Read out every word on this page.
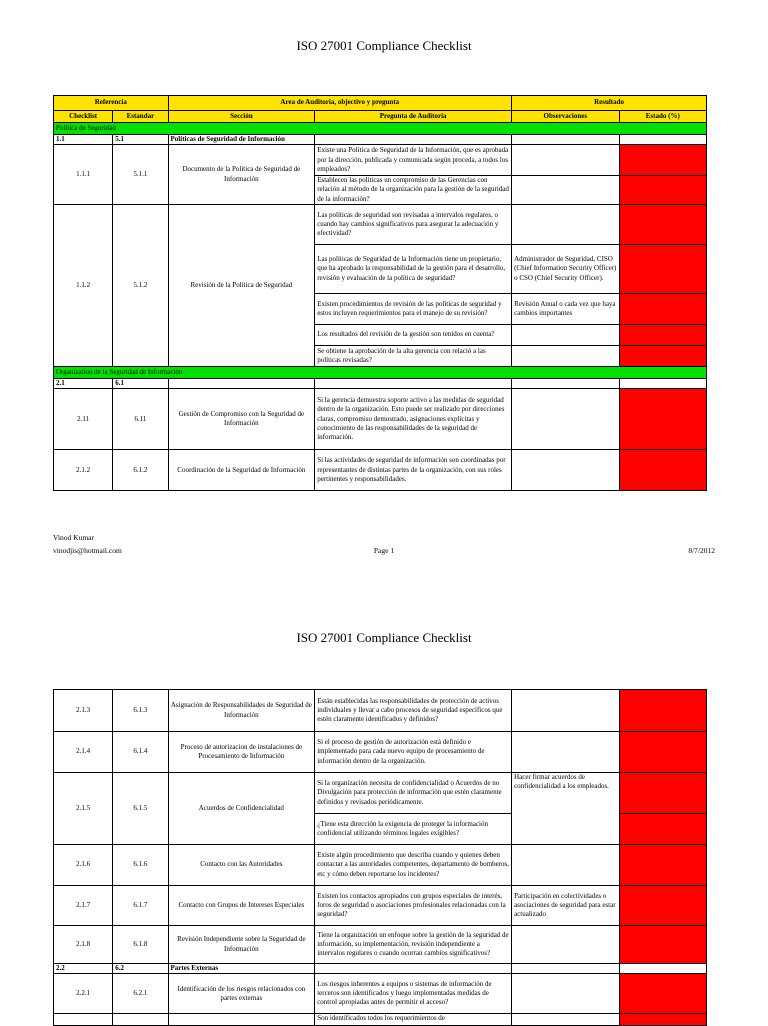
ISO 27001 Compliance Checklist
Referencia		Area de Auditoria, objectivo y pregunta		Resultado	
Checklist	Estandar	Sección	Pregunta de Auditoria	Observaciones	Estado (%)
Politica de Seguridad					
1.1	5.1	Politicas de Seguridad de Información			
1.1.1	5.1.1	Documento de la Política de Seguridad de Información	Existe una Política de Seguridad de la Información, que es aprobada por la dirección, publicada y comunicada según proceda, a todos los empleados?		
			Establecen las políticas un compromiso de las Gerencias con relación al método de la organización para la gestión de la seguridad de la información?		
1.1.2	5.1.2	Revisión de la Política de Seguridad	Las políticas de seguridad son revisadas a intervalos regulares, o cuando hay cambios significativos para asegurar la adecuación y efectividad?		
			Las políticas de Seguridad de la Información tiene un propietario, que ha aprobado la responsabilidad de la gestión para el desarrollo, revisión y evaluación de la política de seguridad?	Administrador de Seguridad, CISO (Chief Information Security Officer) o CSO (Chief Security Officer).	
			Existen procedimientos de revisión de las políticas de seguridad y estos incluyen requerimientos para el manejo de su revisión?	Revisión Anual o cada vez que haya cambios importantes	
			Los resultados del revisión de la gestión son tenidos en cuenta?		
			Se obtiene la aprobación de la alta gerencia con relació a las políticas revisadas?		
Organization de la Seguridad de Información					
2.1	6.1				
2.11	6.11	Gestión de Compromiso con la Seguridad de Información	Si la gerencia demuestra soporte activo a las medidas de seguridad dentro de la organización. Esto puede ser realizado por direcciones claras, compromiso demostrado, asignaciones explícitas y conocimiento de las responsabilidades de la seguridad de información.		
2.1.2	6.1.2	Coordinación de la Seguridad de Información	Si las actividades de seguridad de información son coordinadas por representantes de distintas partes de la organización, con sus roles pertinentes y responsabilidades.		
Vinod Kumar
vinodjis@hotmail.com	Page 1	8/7/2012
ISO 27001 Compliance Checklist
2.1.3	6.1.3	Asignación de Responsabilidades de Seguridad de Información	Están establecidas las responsabilidades de protección de activos individuales y llevar a cabo procesos de seguridad específicos que estén claramente identificados y definidos?		
2.1.4	6.1.4	Proceso de autorizacion de instalaciones de Procesamiento de Información	Si el proceso de gestión de autorización está definido e implementado para cada nuevo equipo de procesamiento de información dentro de la organización.		
2.1.5	6.1.5	Acuerdos de Confidencialidad	Si la organización necesita de confidencialidad o Acuerdos de no Divulgación para protección de información que estén claramente definidos y revisados periódicamente.	Hacer firmar acuerdos de confidencialidad a los empleados.	
			¿Tiene esta dirección la exigencia de proteger la información confidencial utilizando términos legales exigibles?		
2.1.6	6.1.6	Contacto con las Autoridades	Existe algún procedimiento que describa cuando y quienes deben contactar a las autoridades competentes, departamento de bomberos, etc y cómo deben reportarse los incidentes?		
2.1.7	6.1.7	Contacto con Grupos de Intereses Especiales	Existen los contactos apropiados con grupos especiales de interés, foros de seguridad o asociaciones profesionales relacionadas con la seguridad?	Participación en colectividades o asociaciones de seguridad para estar actualizado	
2.1.8	6.1.8	Revisión Independiente sobre la Seguridad de Información	Tiene la organización un enfoque sobre la gestión de la seguridad de información, su implementación, revisión independiente a intervalos regulares o cuando ocurran cambios significativos?		
2.2	6.2	Partes Externas			
2.2.1	6.2.1	Identificación de los riesgos relacionados con partes externas	Los riesgos inherentes a equipos o sistemas de información de terceros son identificados y luego implementadas medidas de control apropiadas antes de permitir el acceso?		
			Son identificados todos los requerimientos de		
